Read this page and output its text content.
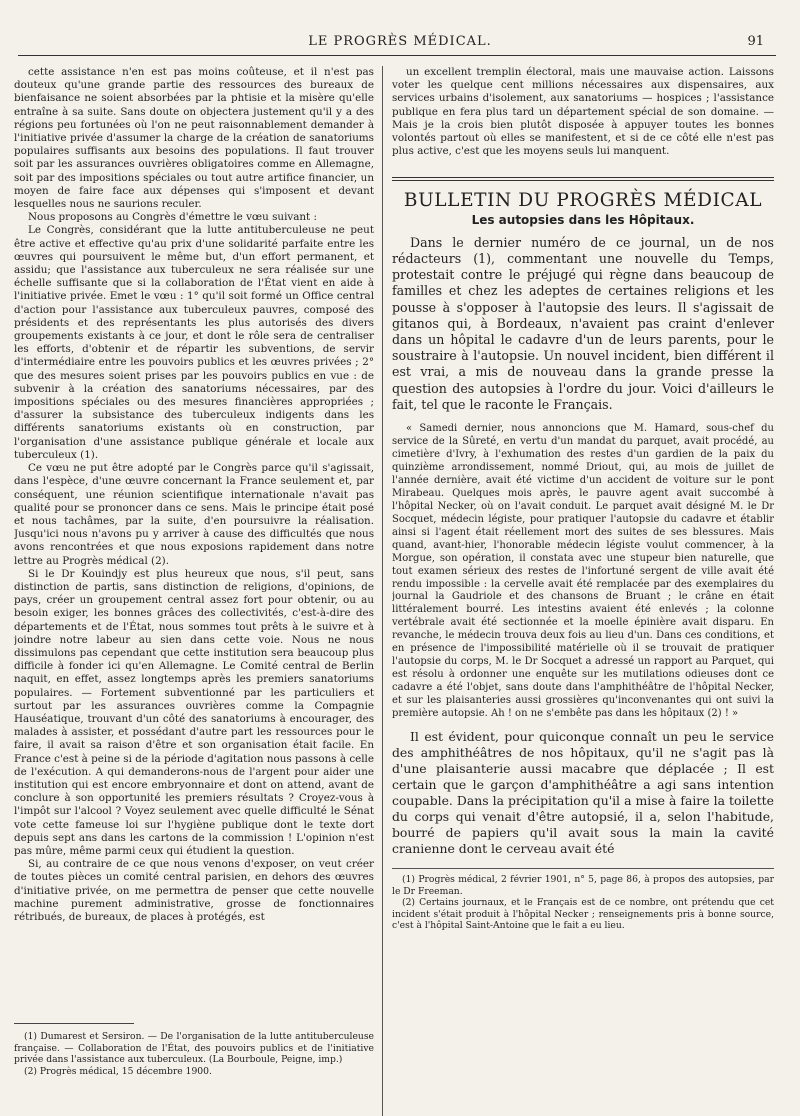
LE PROGRÈS MÉDICAL.	91

cette assistance n'en est pas moins coûteuse, et il n'est pas douteux qu'une grande partie des ressources des bureaux de bienfaisance ne soient absorbées par la phtisie et la misère qu'elle entraîne à sa suite. Sans doute on objectera justement qu'il y a des régions peu fortunées où l'on ne peut raisonnablement demander à l'initiative privée d'assumer la charge de la création de sanatoriums populaires suffisants aux besoins des populations. Il faut trouver soit par les assurances ouvrières obligatoires comme en Allemagne, soit par des impositions spéciales ou tout autre artifice financier, un moyen de faire face aux dépenses qui s'imposent et devant lesquelles nous ne saurions reculer.

Nous proposons au Congrès d'émettre le vœu suivant :

Le Congrès, considérant que la lutte antituberculeuse ne peut être active et effective qu'au prix d'une solidarité parfaite entre les œuvres qui poursuivent le même but, d'un effort permanent, et assidu; que l'assistance aux tuberculeux ne sera réalisée sur une échelle suffisante que si la collaboration de l'État vient en aide à l'initiative privée. Emet le vœu : 1° qu'il soit formé un Office central d'action pour l'assistance aux tuberculeux pauvres, composé des présidents et des représentants les plus autorisés des divers groupements existants à ce jour, et dont le rôle sera de centraliser les efforts, d'obtenir et de répartir les subventions, de servir d'intermédiaire entre les pouvoirs publics et les œuvres privées ; 2° que des mesures soient prises par les pouvoirs publics en vue : de subvenir à la création des sanatoriums nécessaires, par des impositions spéciales ou des mesures financières appropriées ; d'assurer la subsistance des tuberculeux indigents dans les différents sanatoriums existants où en construction, par l'organisation d'une assistance publique générale et locale aux tuberculeux (1).

Ce vœu ne put être adopté par le Congrès parce qu'il s'agissait, dans l'espèce, d'une œuvre concernant la France seulement et, par conséquent, une réunion scientifique internationale n'avait pas qualité pour se prononcer dans ce sens. Mais le principe était posé et nous tachâmes, par la suite, d'en poursuivre la réalisation. Jusqu'ici nous n'avons pu y arriver à cause des difficultés que nous avons rencontrées et que nous exposions rapidement dans notre lettre au Progrès médical (2).

Si le Dr Kouindjy est plus heureux que nous, s'il peut, sans distinction de partis, sans distinction de religions, d'opinions, de pays, créer un groupement central assez fort pour obtenir, ou au besoin exiger, les bonnes grâces des collectivités, c'est-à-dire des départements et de l'État, nous sommes tout prêts à le suivre et à joindre notre labeur au sien dans cette voie. Nous ne nous dissimulons pas cependant que cette institution sera beaucoup plus difficile à fonder ici qu'en Allemagne. Le Comité central de Berlin naquit, en effet, assez longtemps après les premiers sanatoriums populaires. — Fortement subventionné par les particuliers et surtout par les assurances ouvrières comme la Compagnie Hauséatique, trouvant d'un côté des sanatoriums à encourager, des malades à assister, et possédant d'autre part les ressources pour le faire, il avait sa raison d'être et son organisation était facile. En France c'est à peine si de la période d'agitation nous passons à celle de l'exécution. A qui demanderons-nous de l'argent pour aider une institution qui est encore embryonnaire et dont on attend, avant de conclure à son opportunité les premiers résultats ? Croyez-vous à l'impôt sur l'alcool ? Voyez seulement avec quelle difficulté le Sénat vote cette fameuse loi sur l'hygiène publique dont le texte dort depuis sept ans dans les cartons de la commission ! L'opinion n'est pas mûre, même parmi ceux qui étudient la question.

Si, au contraire de ce que nous venons d'exposer, on veut créer de toutes pièces un comité central parisien, en dehors des œuvres d'initiative privée, on me permettra de penser que cette nouvelle machine purement administrative, grosse de fonctionnaires rétribués, de bureaux, de places à protégés, est

(1) Dumarest et Sersiron. — De l'organisation de la lutte antituberculeuse française. — Collaboration de l'État, des pouvoirs publics et de l'initiative privée dans l'assistance aux tuberculeux. (La Bourboule, Peigne, imp.)

(2) Progrès médical, 15 décembre 1900.

un excellent tremplin électoral, mais une mauvaise action. Laissons voter les quelque cent millions nécessaires aux dispensaires, aux services urbains d'isolement, aux sanatoriums — hospices ; l'assistance publique en fera plus tard un département spécial de son domaine. — Mais je la crois bien plutôt disposée à appuyer toutes les bonnes volontés partout où elles se manifestent, et si de ce côté elle n'est pas plus active, c'est que les moyens seuls lui manquent.

BULLETIN DU PROGRÈS MÉDICAL
Les autopsies dans les Hôpitaux.

Dans le dernier numéro de ce journal, un de nos rédacteurs (1), commentant une nouvelle du Temps, protestait contre le préjugé qui règne dans beaucoup de familles et chez les adeptes de certaines religions et les pousse à s'opposer à l'autopsie des leurs. Il s'agissait de gitanos qui, à Bordeaux, n'avaient pas craint d'enlever dans un hôpital le cadavre d'un de leurs parents, pour le soustraire à l'autopsie. Un nouvel incident, bien différent il est vrai, a mis de nouveau dans la grande presse la question des autopsies à l'ordre du jour. Voici d'ailleurs le fait, tel que le raconte le Français.

« Samedi dernier, nous annoncions que M. Hamard, sous-chef du service de la Sûreté, en vertu d'un mandat du parquet, avait procédé, au cimetière d'Ivry, à l'exhumation des restes d'un gardien de la paix du quinzième arrondissement, nommé Driout, qui, au mois de juillet de l'année dernière, avait été victime d'un accident de voiture sur le pont Mirabeau. Quelques mois après, le pauvre agent avait succombé à l'hôpital Necker, où on l'avait conduit. Le parquet avait désigné M. le Dr Socquet, médecin légiste, pour pratiquer l'autopsie du cadavre et établir ainsi si l'agent était réellement mort des suites de ses blessures. Mais quand, avant-hier, l'honorable médecin légiste voulut commencer, à la Morgue, son opération, il constata avec une stupeur bien naturelle, que tout examen sérieux des restes de l'infortuné sergent de ville avait été rendu impossible : la cervelle avait été remplacée par des exemplaires du journal la Gaudriole et des chansons de Bruant ; le crâne en était littéralement bourré. Les intestins avaient été enlevés ; la colonne vertébrale avait été sectionnée et la moelle épinière avait disparu. En revanche, le médecin trouva deux fois au lieu d'un. Dans ces conditions, et en présence de l'impossibilité matérielle où il se trouvait de pratiquer l'autopsie du corps, M. le Dr Socquet a adressé un rapport au Parquet, qui est résolu à ordonner une enquête sur les mutilations odieuses dont ce cadavre a été l'objet, sans doute dans l'amphithéâtre de l'hôpital Necker, et sur les plaisanteries aussi grossières qu'inconvenantes qui ont suivi la première autopsie. Ah ! on ne s'embête pas dans les hôpitaux (2) ! »

Il est évident, pour quiconque connaît un peu le service des amphithéâtres de nos hôpitaux, qu'il ne s'agit pas là d'une plaisanterie aussi macabre que déplacée ; Il est certain que le garçon d'amphithéâtre a agi sans intention coupable. Dans la précipitation qu'il a mise à faire la toilette du corps qui venait d'être autopsié, il a, selon l'habitude, bourré de papiers qu'il avait sous la main la cavité cranienne dont le cerveau avait été

(1) Progrès médical, 2 février 1901, n° 5, page 86, à propos des autopsies, par le Dr Freeman.

(2) Certains journaux, et le Français est de ce nombre, ont prétendu que cet incident s'était produit à l'hôpital Necker ; renseignements pris à bonne source, c'est à l'hôpital Saint-Antoine que le fait a eu lieu.
